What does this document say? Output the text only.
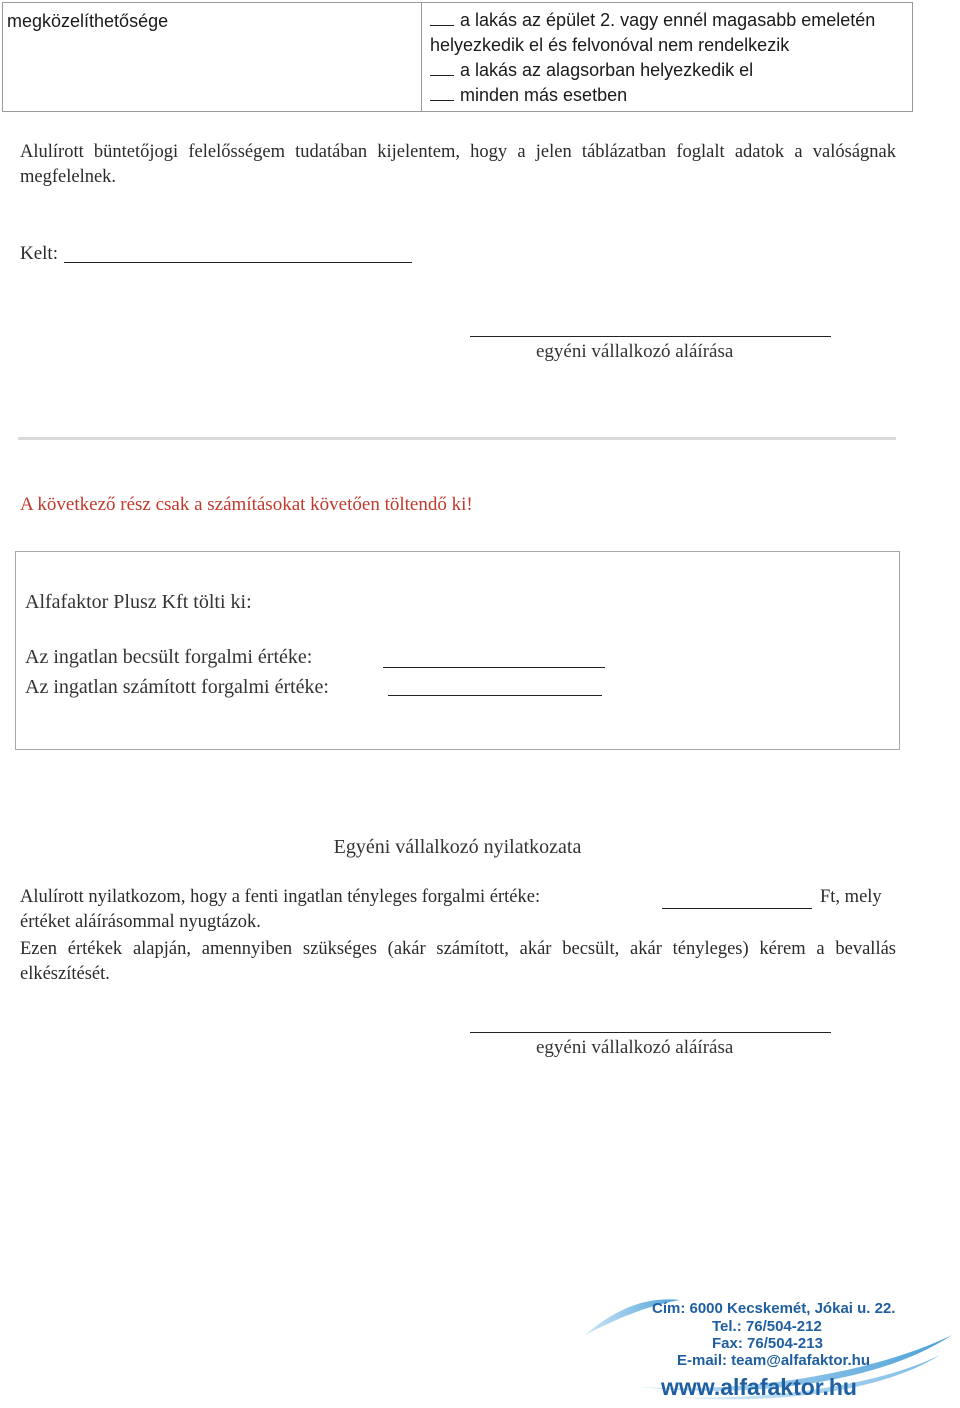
megközelíthetősége	a lakás az épület 2. vagy ennél magasabb emeletén
helyezkedik el és felvonóval nem rendelkezik
a lakás az alagsorban helyezkedik el
minden más esetben
Alulírott büntetőjogi felelősségem tudatában kijelentem, hogy a jelen táblázatban foglalt adatok a valóságnak megfelelnek.
Kelt:
egyéni vállalkozó aláírása
A következő rész csak a számításokat követően töltendő ki!
Alfafaktor Plusz Kft tölti ki:
Az ingatlan becsült forgalmi értéke:
Az ingatlan számított forgalmi értéke:
Egyéni vállalkozó nyilatkozata
Alulírott nyilatkozom, hogy a fenti ingatlan tényleges forgalmi értéke:	Ft, mely
értéket aláírásommal nyugtázok.
Ezen értékek alapján, amennyiben szükséges (akár számított, akár becsült, akár tényleges) kérem a bevallás elkészítését.
egyéni vállalkozó aláírása
Cím: 6000 Kecskemét, Jókai u. 22.
Tel.: 76/504-212
Fax: 76/504-213
E-mail: team@alfafaktor.hu
www.alfafaktor.hu
